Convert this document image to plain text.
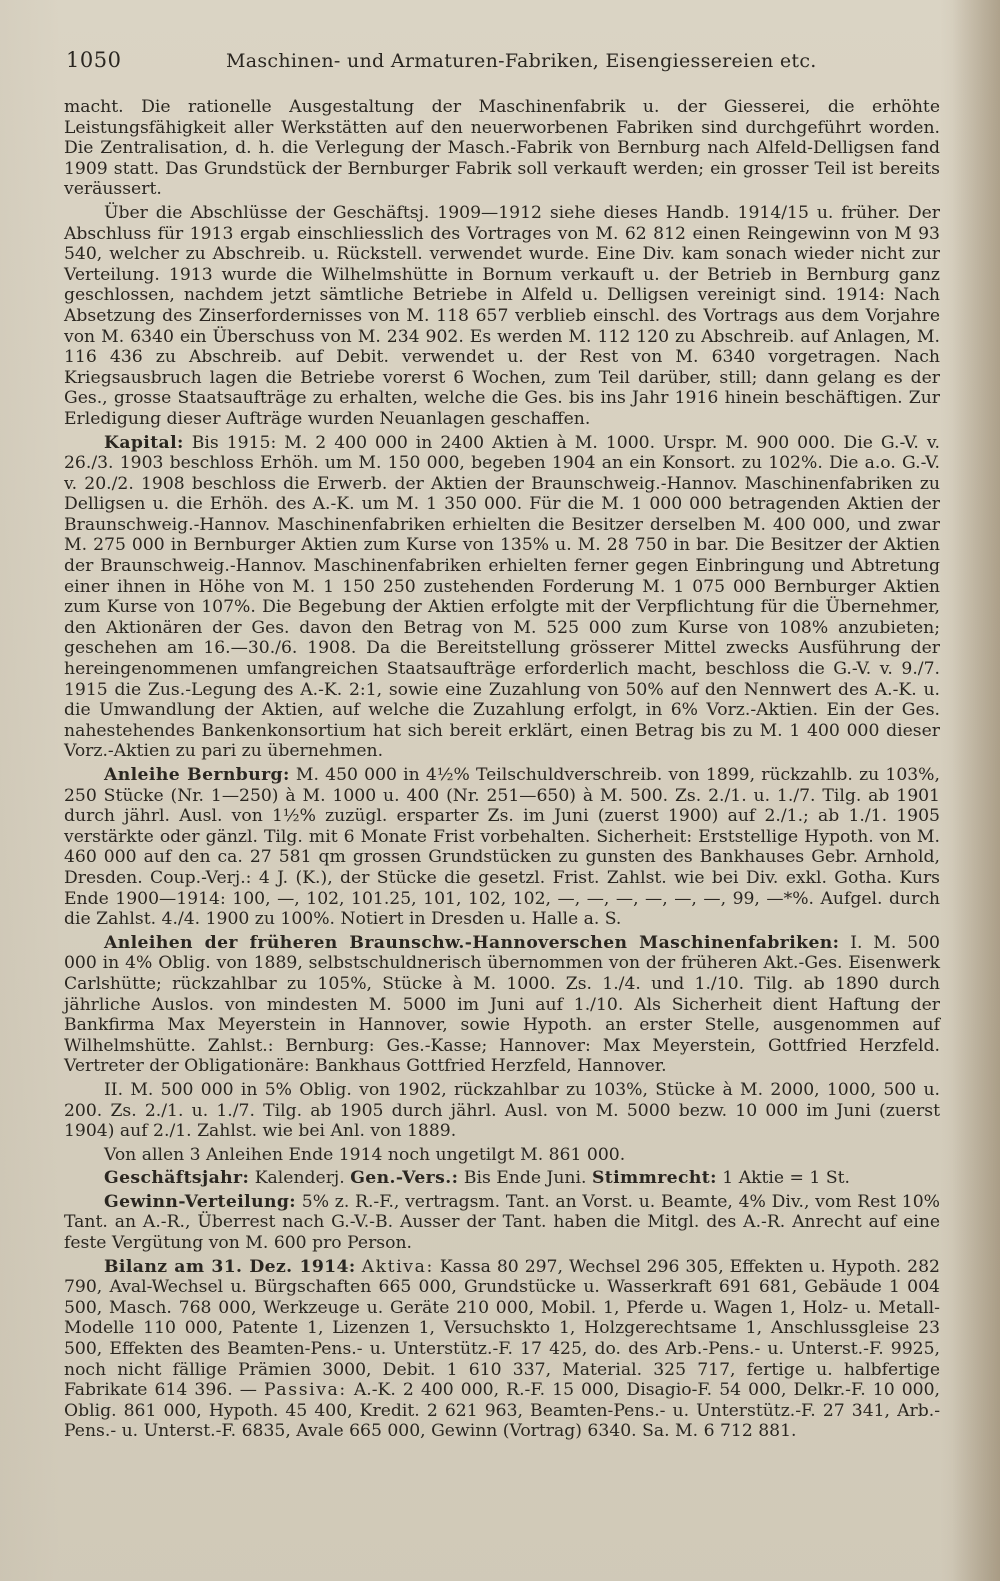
1050	Maschinen- und Armaturen-Fabriken, Eisengiessereien etc.

macht. Die rationelle Ausgestaltung der Maschinenfabrik u. der Giesserei, die erhöhte Leistungsfähigkeit aller Werkstätten auf den neuerworbenen Fabriken sind durchgeführt worden. Die Zentralisation, d. h. die Verlegung der Masch.-Fabrik von Bernburg nach Alfeld-Delligsen fand 1909 statt. Das Grundstück der Bernburger Fabrik soll verkauft werden; ein grosser Teil ist bereits veräussert.

Über die Abschlüsse der Geschäftsj. 1909—1912 siehe dieses Handb. 1914/15 u. früher. Der Abschluss für 1913 ergab einschliesslich des Vortrages von M. 62 812 einen Reingewinn von M 93 540, welcher zu Abschreib. u. Rückstell. verwendet wurde. Eine Div. kam sonach wieder nicht zur Verteilung. 1913 wurde die Wilhelmshütte in Bornum verkauft u. der Betrieb in Bernburg ganz geschlossen, nachdem jetzt sämtliche Betriebe in Alfeld u. Delligsen vereinigt sind. 1914: Nach Absetzung des Zinserfordernisses von M. 118 657 verblieb einschl. des Vortrags aus dem Vorjahre von M. 6340 ein Überschuss von M. 234 902. Es werden M. 112 120 zu Abschreib. auf Anlagen, M. 116 436 zu Abschreib. auf Debit. verwendet u. der Rest von M. 6340 vorgetragen. Nach Kriegsausbruch lagen die Betriebe vorerst 6 Wochen, zum Teil darüber, still; dann gelang es der Ges., grosse Staatsaufträge zu erhalten, welche die Ges. bis ins Jahr 1916 hinein beschäftigen. Zur Erledigung dieser Aufträge wurden Neuanlagen geschaffen.

Kapital: Bis 1915: M. 2 400 000 in 2400 Aktien à M. 1000. Urspr. M. 900 000. Die G.-V. v. 26./3. 1903 beschloss Erhöh. um M. 150 000, begeben 1904 an ein Konsort. zu 102%. Die a.o. G.-V. v. 20./2. 1908 beschloss die Erwerb. der Aktien der Braunschweig.-Hannov. Maschinenfabriken zu Delligsen u. die Erhöh. des A.-K. um M. 1 350 000. Für die M. 1 000 000 betragenden Aktien der Braunschweig.-Hannov. Maschinenfabriken erhielten die Besitzer derselben M. 400 000, und zwar M. 275 000 in Bernburger Aktien zum Kurse von 135% u. M. 28 750 in bar. Die Besitzer der Aktien der Braunschweig.-Hannov. Maschinenfabriken erhielten ferner gegen Einbringung und Abtretung einer ihnen in Höhe von M. 1 150 250 zustehenden Forderung M. 1 075 000 Bernburger Aktien zum Kurse von 107%. Die Begebung der Aktien erfolgte mit der Verpflichtung für die Übernehmer, den Aktionären der Ges. davon den Betrag von M. 525 000 zum Kurse von 108% anzubieten; geschehen am 16.—30./6. 1908. Da die Bereitstellung grösserer Mittel zwecks Ausführung der hereingenommenen umfangreichen Staatsaufträge erforderlich macht, beschloss die G.-V. v. 9./7. 1915 die Zus.-Legung des A.-K. 2:1, sowie eine Zuzahlung von 50% auf den Nennwert des A.-K. u. die Umwandlung der Aktien, auf welche die Zuzahlung erfolgt, in 6% Vorz.-Aktien. Ein der Ges. nahestehendes Bankenkonsortium hat sich bereit erklärt, einen Betrag bis zu M. 1 400 000 dieser Vorz.-Aktien zu pari zu übernehmen.

Anleihe Bernburg: M. 450 000 in 4½% Teilschuldverschreib. von 1899, rückzahlb. zu 103%, 250 Stücke (Nr. 1—250) à M. 1000 u. 400 (Nr. 251—650) à M. 500. Zs. 2./1. u. 1./7. Tilg. ab 1901 durch jährl. Ausl. von 1½% zuzügl. ersparter Zs. im Juni (zuerst 1900) auf 2./1.; ab 1./1. 1905 verstärkte oder gänzl. Tilg. mit 6 Monate Frist vorbehalten. Sicherheit: Erststellige Hypoth. von M. 460 000 auf den ca. 27 581 qm grossen Grundstücken zu gunsten des Bankhauses Gebr. Arnhold, Dresden. Coup.-Verj.: 4 J. (K.), der Stücke die gesetzl. Frist. Zahlst. wie bei Div. exkl. Gotha. Kurs Ende 1900—1914: 100, —, 102, 101.25, 101, 102, 102, —, —, —, —, —, —, 99, —*%. Aufgel. durch die Zahlst. 4./4. 1900 zu 100%. Notiert in Dresden u. Halle a. S.

Anleihen der früheren Braunschw.-Hannoverschen Maschinenfabriken: I. M. 500 000 in 4% Oblig. von 1889, selbstschuldnerisch übernommen von der früheren Akt.-Ges. Eisenwerk Carlshütte; rückzahlbar zu 105%, Stücke à M. 1000. Zs. 1./4. und 1./10. Tilg. ab 1890 durch jährliche Auslos. von mindesten M. 5000 im Juni auf 1./10. Als Sicherheit dient Haftung der Bankfirma Max Meyerstein in Hannover, sowie Hypoth. an erster Stelle, ausgenommen auf Wilhelmshütte. Zahlst.: Bernburg: Ges.-Kasse; Hannover: Max Meyerstein, Gottfried Herzfeld. Vertreter der Obligationäre: Bankhaus Gottfried Herzfeld, Hannover.

II. M. 500 000 in 5% Oblig. von 1902, rückzahlbar zu 103%, Stücke à M. 2000, 1000, 500 u. 200. Zs. 2./1. u. 1./7. Tilg. ab 1905 durch jährl. Ausl. von M. 5000 bezw. 10 000 im Juni (zuerst 1904) auf 2./1. Zahlst. wie bei Anl. von 1889.

Von allen 3 Anleihen Ende 1914 noch ungetilgt M. 861 000.

Geschäftsjahr: Kalenderj. Gen.-Vers.: Bis Ende Juni. Stimmrecht: 1 Aktie = 1 St.

Gewinn-Verteilung: 5% z. R.-F., vertragsm. Tant. an Vorst. u. Beamte, 4% Div., vom Rest 10% Tant. an A.-R., Überrest nach G.-V.-B. Ausser der Tant. haben die Mitgl. des A.-R. Anrecht auf eine feste Vergütung von M. 600 pro Person.

Bilanz am 31. Dez. 1914: Aktiva: Kassa 80 297, Wechsel 296 305, Effekten u. Hypoth. 282 790, Aval-Wechsel u. Bürgschaften 665 000, Grundstücke u. Wasserkraft 691 681, Gebäude 1 004 500, Masch. 768 000, Werkzeuge u. Geräte 210 000, Mobil. 1, Pferde u. Wagen 1, Holz- u. Metall-Modelle 110 000, Patente 1, Lizenzen 1, Versuchskto 1, Holzgerechtsame 1, Anschlussgleise 23 500, Effekten des Beamten-Pens.- u. Unterstütz.-F. 17 425, do. des Arb.-Pens.- u. Unterst.-F. 9925, noch nicht fällige Prämien 3000, Debit. 1 610 337, Material. 325 717, fertige u. halbfertige Fabrikate 614 396. — Passiva: A.-K. 2 400 000, R.-F. 15 000, Disagio-F. 54 000, Delkr.-F. 10 000, Oblig. 861 000, Hypoth. 45 400, Kredit. 2 621 963, Beamten-Pens.- u. Unterstütz.-F. 27 341, Arb.-Pens.- u. Unterst.-F. 6835, Avale 665 000, Gewinn (Vortrag) 6340. Sa. M. 6 712 881.
